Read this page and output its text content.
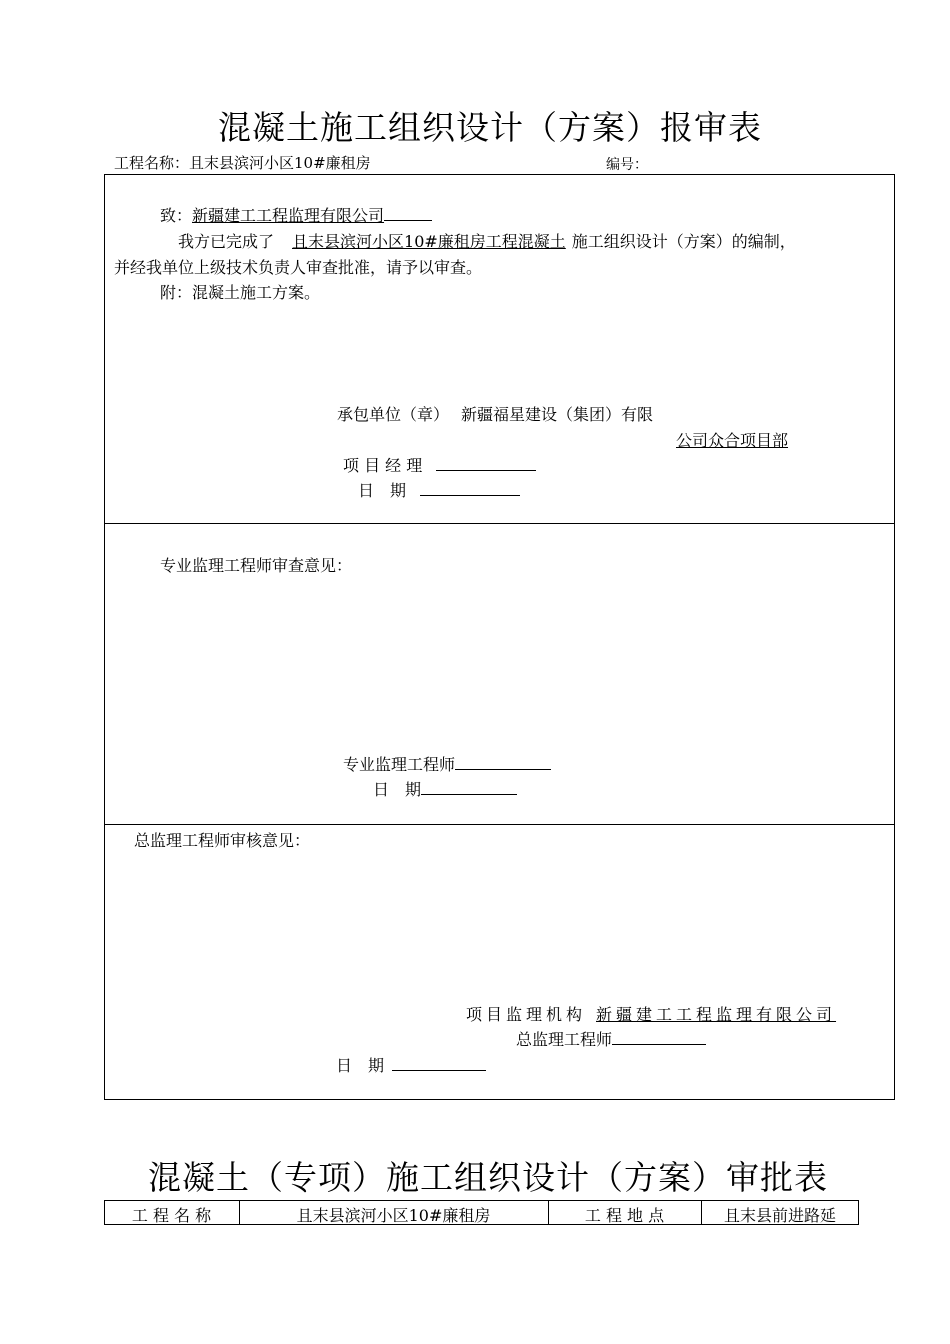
混凝土施工组织设计（方案）报审表
工程名称：且末县滨河小区10#廉租房	编号：
致：新疆建工工程监理有限公司
我方已完成了 且末县滨河小区10#廉租房工程混凝土 施工组织设计（方案）的编制，
并经我单位上级技术负责人审查批准，请予以审查。
附：混凝土施工方案。
承包单位（章） 新疆福星建设（集团）有限
公司众合项目部
项 目 经 理
日　期
专业监理工程师审查意见：
专业监理工程师
日　期
总监理工程师审核意见：
项目监理机构 新疆建工工程监理有限公司
总监理工程师
日　期
混凝土（专项）施工组织设计（方案）审批表
工 程 名 称	且末县滨河小区10#廉租房	工 程 地 点	且末县前进路延
